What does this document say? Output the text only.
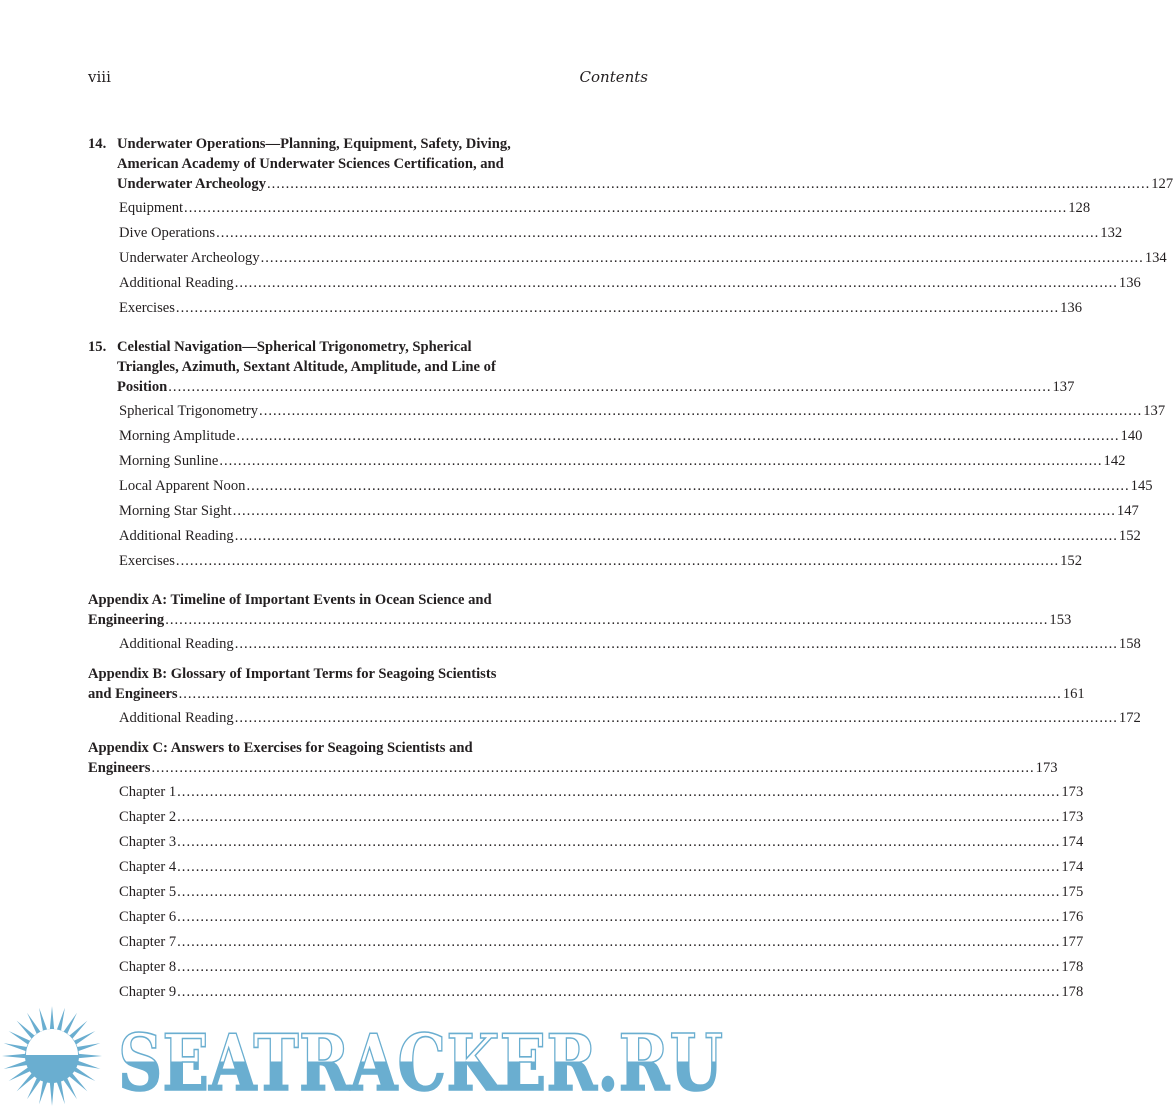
viii	Contents
14. Underwater Operations—Planning, Equipment, Safety, Diving,
American Academy of Underwater Sciences Certification, and
Underwater Archeology .....	127
Equipment .....	128
Dive Operations .....	132
Underwater Archeology .....	134
Additional Reading .....	136
Exercises .....	136
15. Celestial Navigation—Spherical Trigonometry, Spherical
Triangles, Azimuth, Sextant Altitude, Amplitude, and Line of
Position .....	137
Spherical Trigonometry .....	137
Morning Amplitude .....	140
Morning Sunline .....	142
Local Apparent Noon .....	145
Morning Star Sight .....	147
Additional Reading .....	152
Exercises .....	152
Appendix A: Timeline of Important Events in Ocean Science and
Engineering .....	153
Additional Reading .....	158
Appendix B: Glossary of Important Terms for Seagoing Scientists
and Engineers .....	161
Additional Reading .....	172
Appendix C: Answers to Exercises for Seagoing Scientists and
Engineers .....	173
Chapter 1 .....	173
Chapter 2 .....	173
Chapter 3 .....	174
Chapter 4 .....	174
Chapter 5 .....	175
Chapter 6 .....	176
Chapter 7 .....	177
Chapter 8 .....	178
Chapter 9 .....	178
SEATRACKER.RU
